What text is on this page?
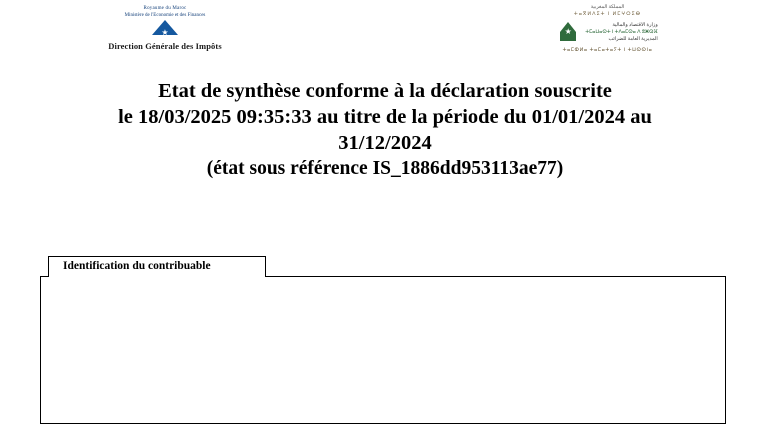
Royaume du Maroc
Ministère de l'Economie et des Finances
★
Direction Générale des Impôts
المملكة المغربية
ⵜⴰⴳⵍⴷⵉⵜ ⵏ ⵍⵎⵖⵔⵉⴱ
وزارة الاقتصاد والمالية
ⵜⵎⴰⵡⴰⵙⵜ ⵏ ⵜⴷⴰⵎⵙⴰ ⴷ ⵓⵥⵕⴼ
المديرية العامة للضرائب
★
ⵜⴰⵎⵀⵍⴰ ⵜⴰⵎⴰⵜⴰⵢⵜ ⵏ ⵜⵡⵙⵙⵏⴰ
Etat de synthèse conforme à la déclaration souscrite
le 18/03/2025 09:35:33 au titre de la période du 01/01/2024 au
31/12/2024
(état sous référence IS_1886dd953113ae77)
Identification du contribuable
